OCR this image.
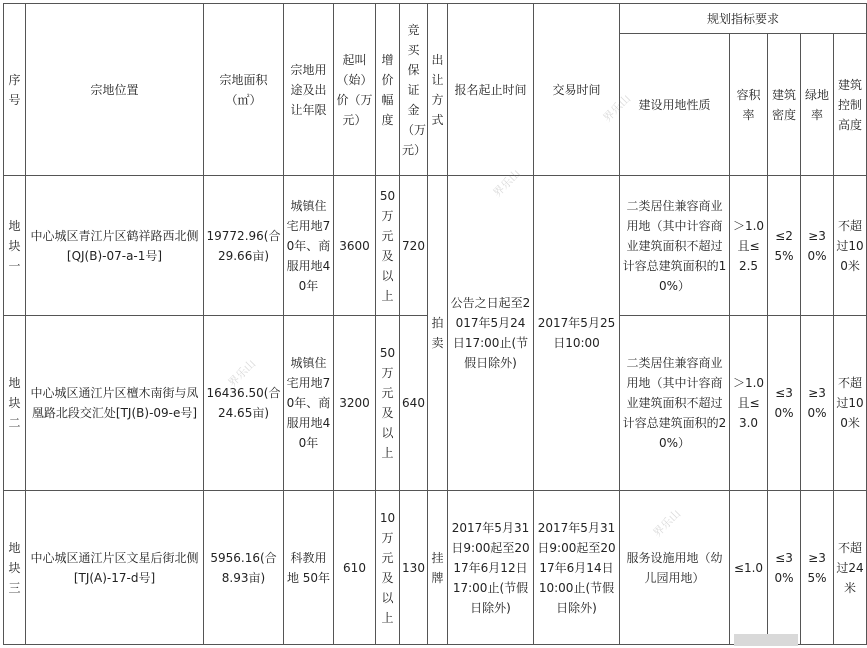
序号	宗地位置	宗地面积（㎡）	宗地用途及出让年限	起叫（始）价（万元）	增价幅度	竞买保证金（万元）	出让方式	报名起止时间	交易时间	规划指标要求				
										建设用地性质	容积率	建筑密度	绿地率	建筑控制高度
地块一	中心城区青江片区鹤祥路西北侧[QJ(B)-07-a-1号]	19772.96(合29.66亩)	城镇住宅用地70年、商服用地40年	3600	50万元及以上	720	拍卖	公告之日起至2017年5月24日17:00止(节假日除外)	2017年5月25日10:00	二类居住兼容商业用地（其中计容商业建筑面积不超过计容总建筑面积的10%）	＞1.0且≤2.5	≤25%	≥30%	不超过100米
地块二	中心城区通江片区檀木南街与凤凰路北段交汇处[TJ(B)-09-e号]	16436.50(合24.65亩)	城镇住宅用地70年、商服用地40年	3200	50万元及以上	640				二类居住兼容商业用地（其中计容商业建筑面积不超过计容总建筑面积的20%）	＞1.0且≤3.0	≤30%	≥30%	不超过100米
地块三	中心城区通江片区文星后街北侧[TJ(A)-17-d号]	5956.16(合8.93亩)	科教用地 50年	610	10万元及以上	130	挂牌	2017年5月31日9:00起至2017年6月12日17:00止(节假日除外)	2017年5月31日9:00起至2017年6月14日10:00止(节假日除外)	服务设施用地（幼儿园用地）	≤1.0	≤30%	≥35%	不超过24米
界乐山
界乐山
界乐山
界乐山
